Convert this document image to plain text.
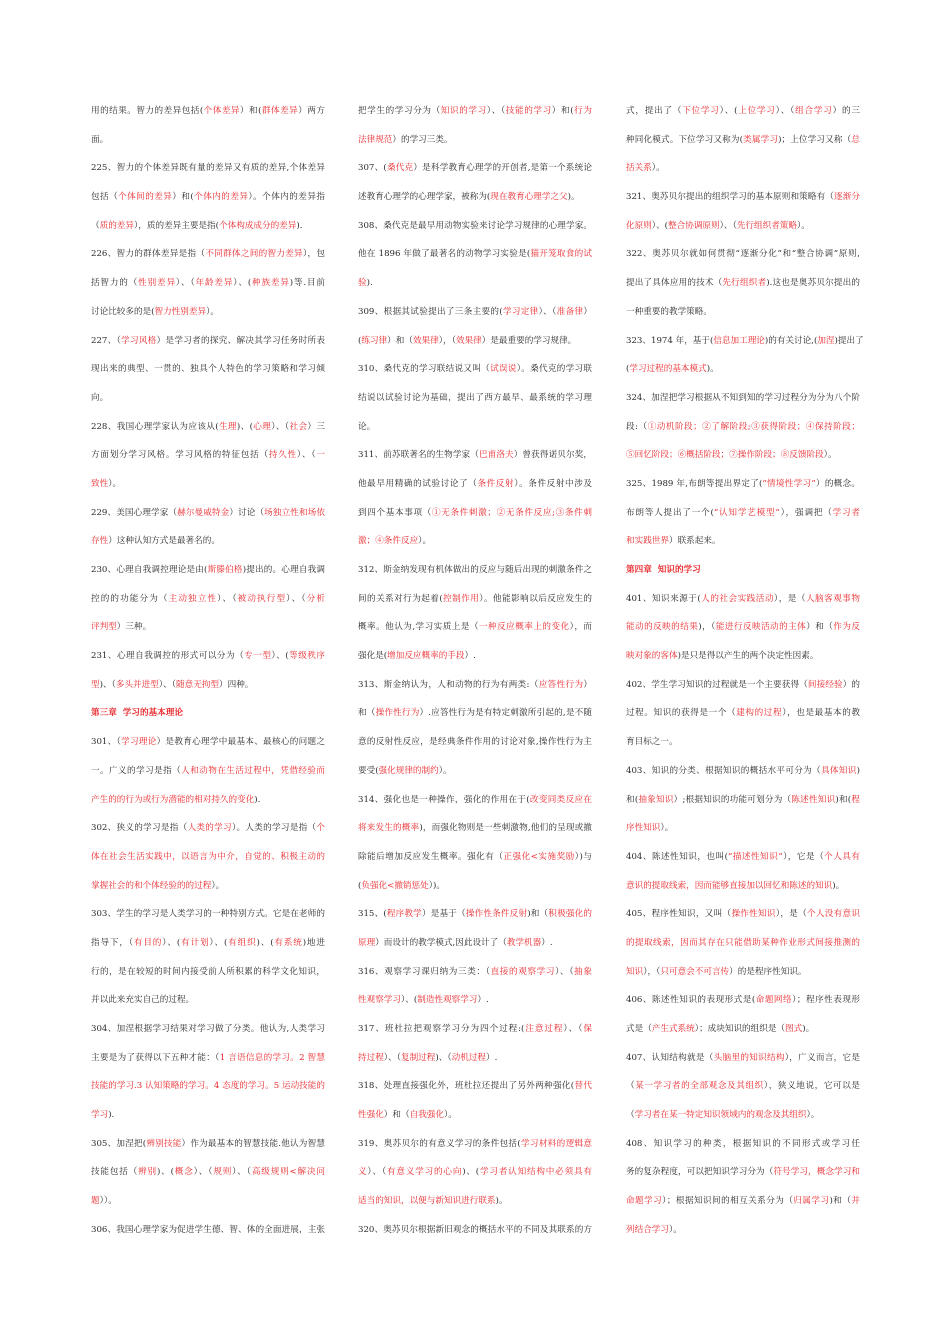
用的结果。智力的差异包括(个体差异）和(群体差异）两方
面。
225、智力的个体差异既有量的差异又有质的差异,个体差异
包括（个体间的差异）和(个体内的差异）。个体内的差异指
（质的差异），质的差异主要是指(个体构成成分的差异).
226、智力的群体差异是指（不同群体之间的智力差异），包
括智力的（性别差异）、（年龄差异）、(种族差异)等.目前
讨论比较多的是(智力性别差异）。
227、（学习风格）是学习者的探究、解决其学习任务时所表
现出来的典型、一贯的、独具个人特色的学习策略和学习倾
向。
228、我国心理学家认为应该从(生理)、(心理）、（社会）三
方面划分学习风格。学习风格的特征包括（持久性）、（一
致性）。
229、美国心理学家（赫尔曼威特金）讨论（场独立性和场依
存性）这种认知方式是最著名的。
230、心理自我调控理论是由(斯滕伯格)提出的。心理自我调
控的的功能分为（主动独立性）、（被动执行型）、（分析
评判型）三种。
231、心理自我调控的形式可以分为（专一型）、(等级秩序
型)、（多头并进型）、（随意无拘型）四种。
第三章  学习的基本理论
301、（学习理论）是教育心理学中最基本、最核心的问题之
一。广义的学习是指（人和动物在生活过程中，凭借经验而
产生的的行为或行为潜能的相对持久的变化).
302、狭义的学习是指（人类的学习）。人类的学习是指（个
体在社会生活实践中，以语言为中介，自觉的、积极主动的
掌握社会的和个体经验的的过程）。
303、学生的学习是人类学习的一种特别方式。它是在老师的
指导下，（有目的）、(有计划）、(有组织)、(有系统)地进
行的，是在较短的时间内接受前人所积累的科学文化知识，
并以此来充实自己的过程。
304、加涅根据学习结果对学习做了分类。他认为,人类学习
主要是为了获得以下五种才能：（1 言语信息的学习。2 智慧
技能的学习.3 认知策略的学习。4 态度的学习。5 运动技能的
学习).
305、加涅把(辨别技能）作为最基本的智慧技能.他认为智慧
技能包括（辨别)、(概念）、（规则）、（高级规则<解决问
题））。
306、我国心理学家为促进学生德、智、体的全面进展，主张
把学生的学习分为（知识的学习）、（技能的学习）和(行为
法律规范）的学习三类。
307、(桑代克）是科学教育心理学的开创者,是第一个系统论
述教育心理学的心理学家，被称为(现在教育心理学之父)。
308、桑代克是最早用动物实验来讨论学习规律的心理学家。
他在 1896 年做了最著名的动物学习实验是(猫开笼取食的试
验).
309、根据其试验提出了三条主要的(学习定律）、（准备律）
(练习律）和（效果律），（效果律）是最重要的学习规律。
310、桑代克的学习联结说又叫（试误说）。桑代克的学习联
结说以试验讨论为基础，提出了西方最早、最系统的学习理
论。
311、前苏联著名的生物学家（巴甫洛夫）曾获得诺贝尔奖，
他最早用精确的试验讨论了（条件反射）。条件反射中涉及
到四个基本事项（①无条件刺激；②无条件反应;③条件刺
激；④条件反应）。
312、斯金纳发现有机体做出的反应与随后出现的刺激条件之
间的关系对行为起着(控制作用）。他能影响以后反应发生的
概率。他认为,学习实质上是（一种反应概率上的变化），而
强化是(增加反应概率的手段）.
313、斯金纳认为，人和动物的行为有两类:（应答性行为）
和（操作性行为）.应答性行为是有特定刺激所引起的,是不随
意的反射性反应，是经典条件作用的讨论对象,操作性行为主
要受(强化规律的制约）。
314、强化也是一种操作，强化的作用在于(改变同类反应在
将来发生的概率)，而强化物则是一些刺激物,他们的呈现或撤
除能后增加反应发生概率。强化有（正强化<实施奖励）)与
(负强化<撤销惩处）)。
315、(程序教学）是基于（操作性条件反射)和（积极强化的
原理）而设计的教学模式,因此设计了（教学机器）.
316、观察学习课归纳为三类：（直接的观察学习）、（抽象
性观察学习）、(制造性观察学习）.
317、班杜拉把观察学习分为四个过程:(注意过程）、（保
持过程）、（复制过程)、（动机过程）.
318、处理直接强化外，班杜拉还提出了另外两种强化(替代
性强化）和（自我强化）。
319、奥苏贝尔的有意义学习的条件包括(学习材料的逻辑意
义）、（有意义学习的心向)、(学习者认知结构中必须具有
适当的知识，以便与新知识进行联系)。
320、奥苏贝尔根据新旧观念的概括水平的不同及其联系的方
式，提出了（下位学习）、(上位学习）、（组合学习）的三
种同化模式。下位学习又称为(类属学习)；上位学习又称（总
括关系）。
321、奥苏贝尔提出的组织学习的基本原则和策略有（逐渐分
化原则）、(整合协调原则）、（先行组织者策略）。
322、奥苏贝尔就如何贯彻“逐渐分化”和“整合协调”原则,
提出了具体应用的技术（先行组织者).这也是奥苏贝尔提出的
一种重要的教学策略。
323、1974 年，基于(信息加工理论)的有关讨论,(加涅)提出了
(学习过程的基本模式)。
324、加涅把学习根据从不知到知的学习过程分为分为八个阶
段:（①动机阶段；②了解阶段;③获得阶段；④保持阶段；
⑤回忆阶段；⑥概括阶段；⑦操作阶段；⑧反馈阶段）。
325、1989 年,布朗等提出界定了(“情境性学习”）的概念。
布朗等人提出了一个(“认知学艺模型”），强调把（学习者
和实践世界）联系起来。
第四章  知识的学习
401、知识来源于(人的社会实践活动），是（人脑客观事物
能动的反映的结果)，（能进行反映活动的主体）和（作为反
映对象的客体)是只是得以产生的两个决定性因素。
402、学生学习知识的过程就是一个主要获得（间接经验）的
过程。知识的获得是一个（建构的过程），也是最基本的教
育目标之一。
403、知识的分类、根据知识的概括水平可分为（具体知识)
和(抽象知识）;根据知识的功能可划分为（陈述性知识)和(程
序性知识）。
404、陈述性知识，也叫(“描述性知识”），它是（个人具有
意识的提取线索，因而能够直接加以回忆和陈述的知识)。
405、程序性知识，又叫（操作性知识），是（个人没有意识
的提取线索，因而其存在只能借助某种作业形式间接推测的
知识），（只可意会不可言传）的是程序性知识。
406、陈述性知识的表现形式是(命题网络）；程序性表现形
式是（产生式系统）；成块知识的组织是（图式)。
407、认知结构就是（头脑里的知识结构），广义而言，它是
（某一学习者的全部观念及其组织），狭义地说，它可以是
（学习者在某一特定知识领域内的观念及其组织）。
408、知识学习的种类，根据知识的不同形式或学习任
务的复杂程度，可以把知识学习分为（符号学习，概念学习和
命题学习）；根据知识间的相互关系分为（归属学习)和（并
列结合学习）。
